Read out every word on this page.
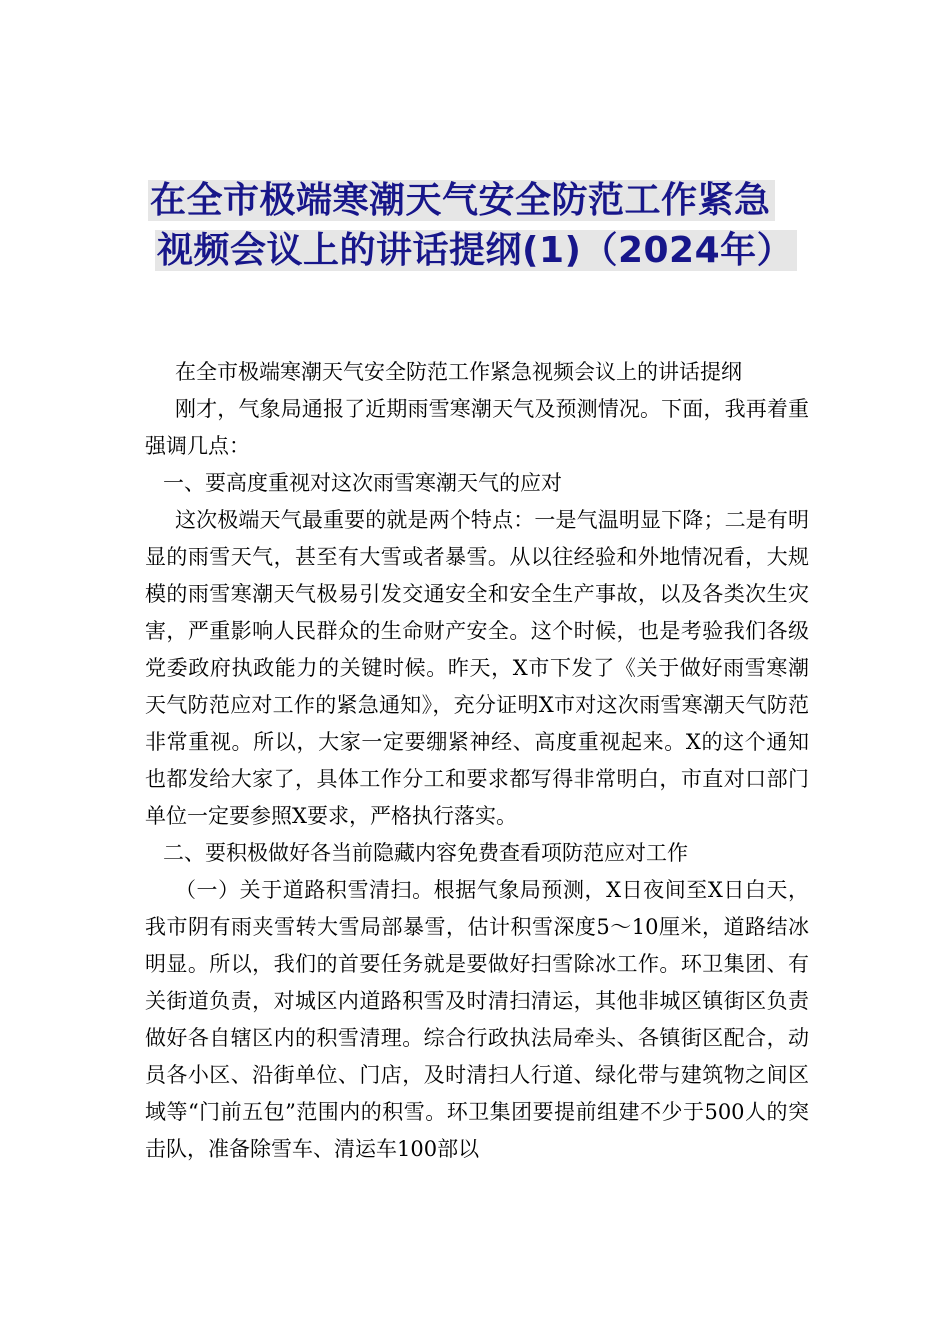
在全市极端寒潮天气安全防范工作紧急
视频会议上的讲话提纲(1)（2024年）

在全市极端寒潮天气安全防范工作紧急视频会议上的讲话提纲

刚才，气象局通报了近期雨雪寒潮天气及预测情况。下面，我再着重强调几点：

一、要高度重视对这次雨雪寒潮天气的应对

这次极端天气最重要的就是两个特点：一是气温明显下降；二是有明显的雨雪天气，甚至有大雪或者暴雪。从以往经验和外地情况看，大规模的雨雪寒潮天气极易引发交通安全和安全生产事故，以及各类次生灾害，严重影响人民群众的生命财产安全。这个时候，也是考验我们各级党委政府执政能力的关键时候。昨天，X市下发了《关于做好雨雪寒潮天气防范应对工作的紧急通知》，充分证明X市对这次雨雪寒潮天气防范非常重视。所以，大家一定要绷紧神经、高度重视起来。X的这个通知也都发给大家了，具体工作分工和要求都写得非常明白，市直对口部门单位一定要参照X要求，严格执行落实。

二、要积极做好各当前隐藏内容免费查看项防范应对工作

（一）关于道路积雪清扫。根据气象局预测，X日夜间至X日白天，我市阴有雨夹雪转大雪局部暴雪，估计积雪深度5～10厘米，道路结冰明显。所以，我们的首要任务就是要做好扫雪除冰工作。环卫集团、有关街道负责，对城区内道路积雪及时清扫清运，其他非城区镇街区负责做好各自辖区内的积雪清理。综合行政执法局牵头、各镇街区配合，动员各小区、沿街单位、门店，及时清扫人行道、绿化带与建筑物之间区域等“门前五包”范围内的积雪。环卫集团要提前组建不少于500人的突击队，准备除雪车、清运车100部以
